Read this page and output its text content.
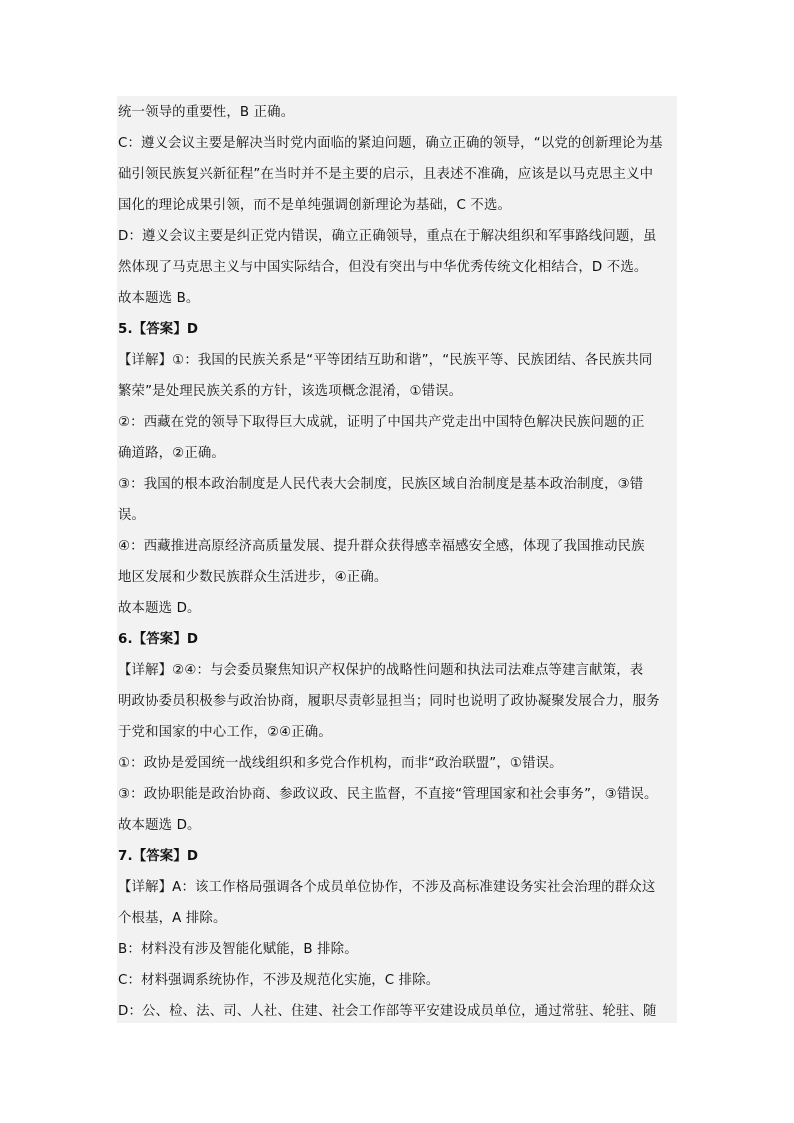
统一领导的重要性，B 正确。
C：遵义会议主要是解决当时党内面临的紧迫问题，确立正确的领导，“以党的创新理论为基
础引领民族复兴新征程”在当时并不是主要的启示，且表述不准确，应该是以马克思主义中
国化的理论成果引领，而不是单纯强调创新理论为基础，C 不选。
D：遵义会议主要是纠正党内错误，确立正确领导，重点在于解决组织和军事路线问题，虽
然体现了马克思主义与中国实际结合，但没有突出与中华优秀传统文化相结合，D 不选。
故本题选 B。
5.【答案】D
【详解】①：我国的民族关系是“平等团结互助和谐”，“民族平等、民族团结、各民族共同
繁荣”是处理民族关系的方针，该选项概念混淆，①错误。
②：西藏在党的领导下取得巨大成就，证明了中国共产党走出中国特色解决民族问题的正
确道路，②正确。
③：我国的根本政治制度是人民代表大会制度，民族区域自治制度是基本政治制度，③错
误。
④：西藏推进高原经济高质量发展、提升群众获得感幸福感安全感，体现了我国推动民族
地区发展和少数民族群众生活进步，④正确。
故本题选 D。
6.【答案】D
【详解】②④：与会委员聚焦知识产权保护的战略性问题和执法司法难点等建言献策，表
明政协委员积极参与政治协商，履职尽责彰显担当；同时也说明了政协凝聚发展合力，服务
于党和国家的中心工作，②④正确。
①：政协是爱国统一战线组织和多党合作机构，而非“政治联盟”，①错误。
③：政协职能是政治协商、参政议政、民主监督，不直接“管理国家和社会事务”，③错误。
故本题选 D。
7.【答案】D
【详解】A：该工作格局强调各个成员单位协作，不涉及高标准建设务实社会治理的群众这
个根基，A 排除。
B：材料没有涉及智能化赋能，B 排除。
C：材料强调系统协作，不涉及规范化实施，C 排除。
D：公、检、法、司、人社、住建、社会工作部等平安建设成员单位，通过常驻、轮驻、随
